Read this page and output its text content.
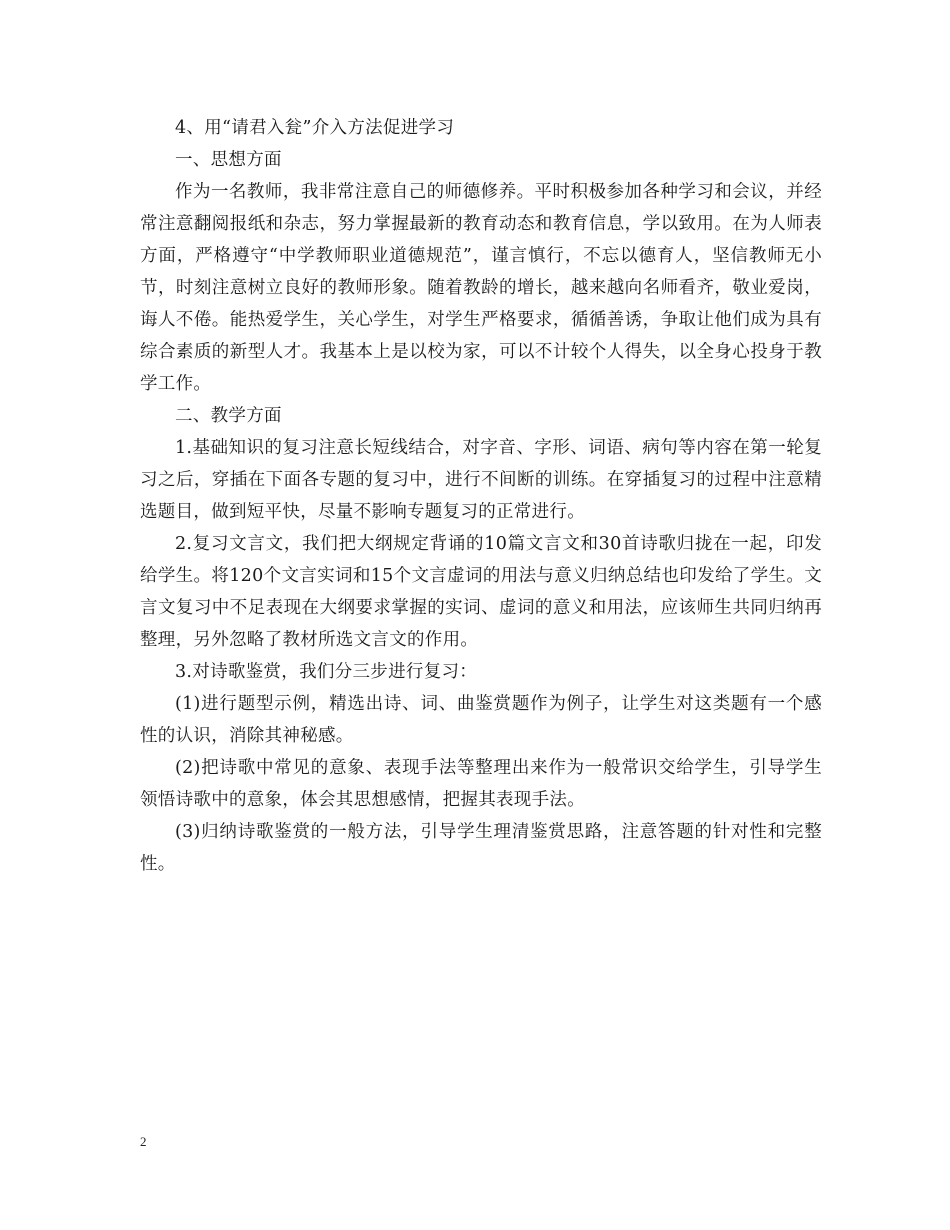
4、用“请君入瓮”介入方法促进学习

一、思想方面

作为一名教师，我非常注意自己的师德修养。平时积极参加各种学习和会议，并经常注意翻阅报纸和杂志，努力掌握最新的教育动态和教育信息，学以致用。在为人师表方面，严格遵守“中学教师职业道德规范”，谨言慎行，不忘以德育人，坚信教师无小节，时刻注意树立良好的教师形象。随着教龄的增长，越来越向名师看齐，敬业爱岗，诲人不倦。能热爱学生，关心学生，对学生严格要求，循循善诱，争取让他们成为具有综合素质的新型人才。我基本上是以校为家，可以不计较个人得失，以全身心投身于教学工作。

二、教学方面

1.基础知识的复习注意长短线结合，对字音、字形、词语、病句等内容在第一轮复习之后，穿插在下面各专题的复习中，进行不间断的训练。在穿插复习的过程中注意精选题目，做到短平快，尽量不影响专题复习的正常进行。

2.复习文言文，我们把大纲规定背诵的10篇文言文和30首诗歌归拢在一起，印发给学生。将120个文言实词和15个文言虚词的用法与意义归纳总结也印发给了学生。文言文复习中不足表现在大纲要求掌握的实词、虚词的意义和用法，应该师生共同归纳再整理，另外忽略了教材所选文言文的作用。

3.对诗歌鉴赏，我们分三步进行复习：

(1)进行题型示例，精选出诗、词、曲鉴赏题作为例子，让学生对这类题有一个感性的认识，消除其神秘感。

(2)把诗歌中常见的意象、表现手法等整理出来作为一般常识交给学生，引导学生领悟诗歌中的意象，体会其思想感情，把握其表现手法。

(3)归纳诗歌鉴赏的一般方法，引导学生理清鉴赏思路，注意答题的针对性和完整性。

2
